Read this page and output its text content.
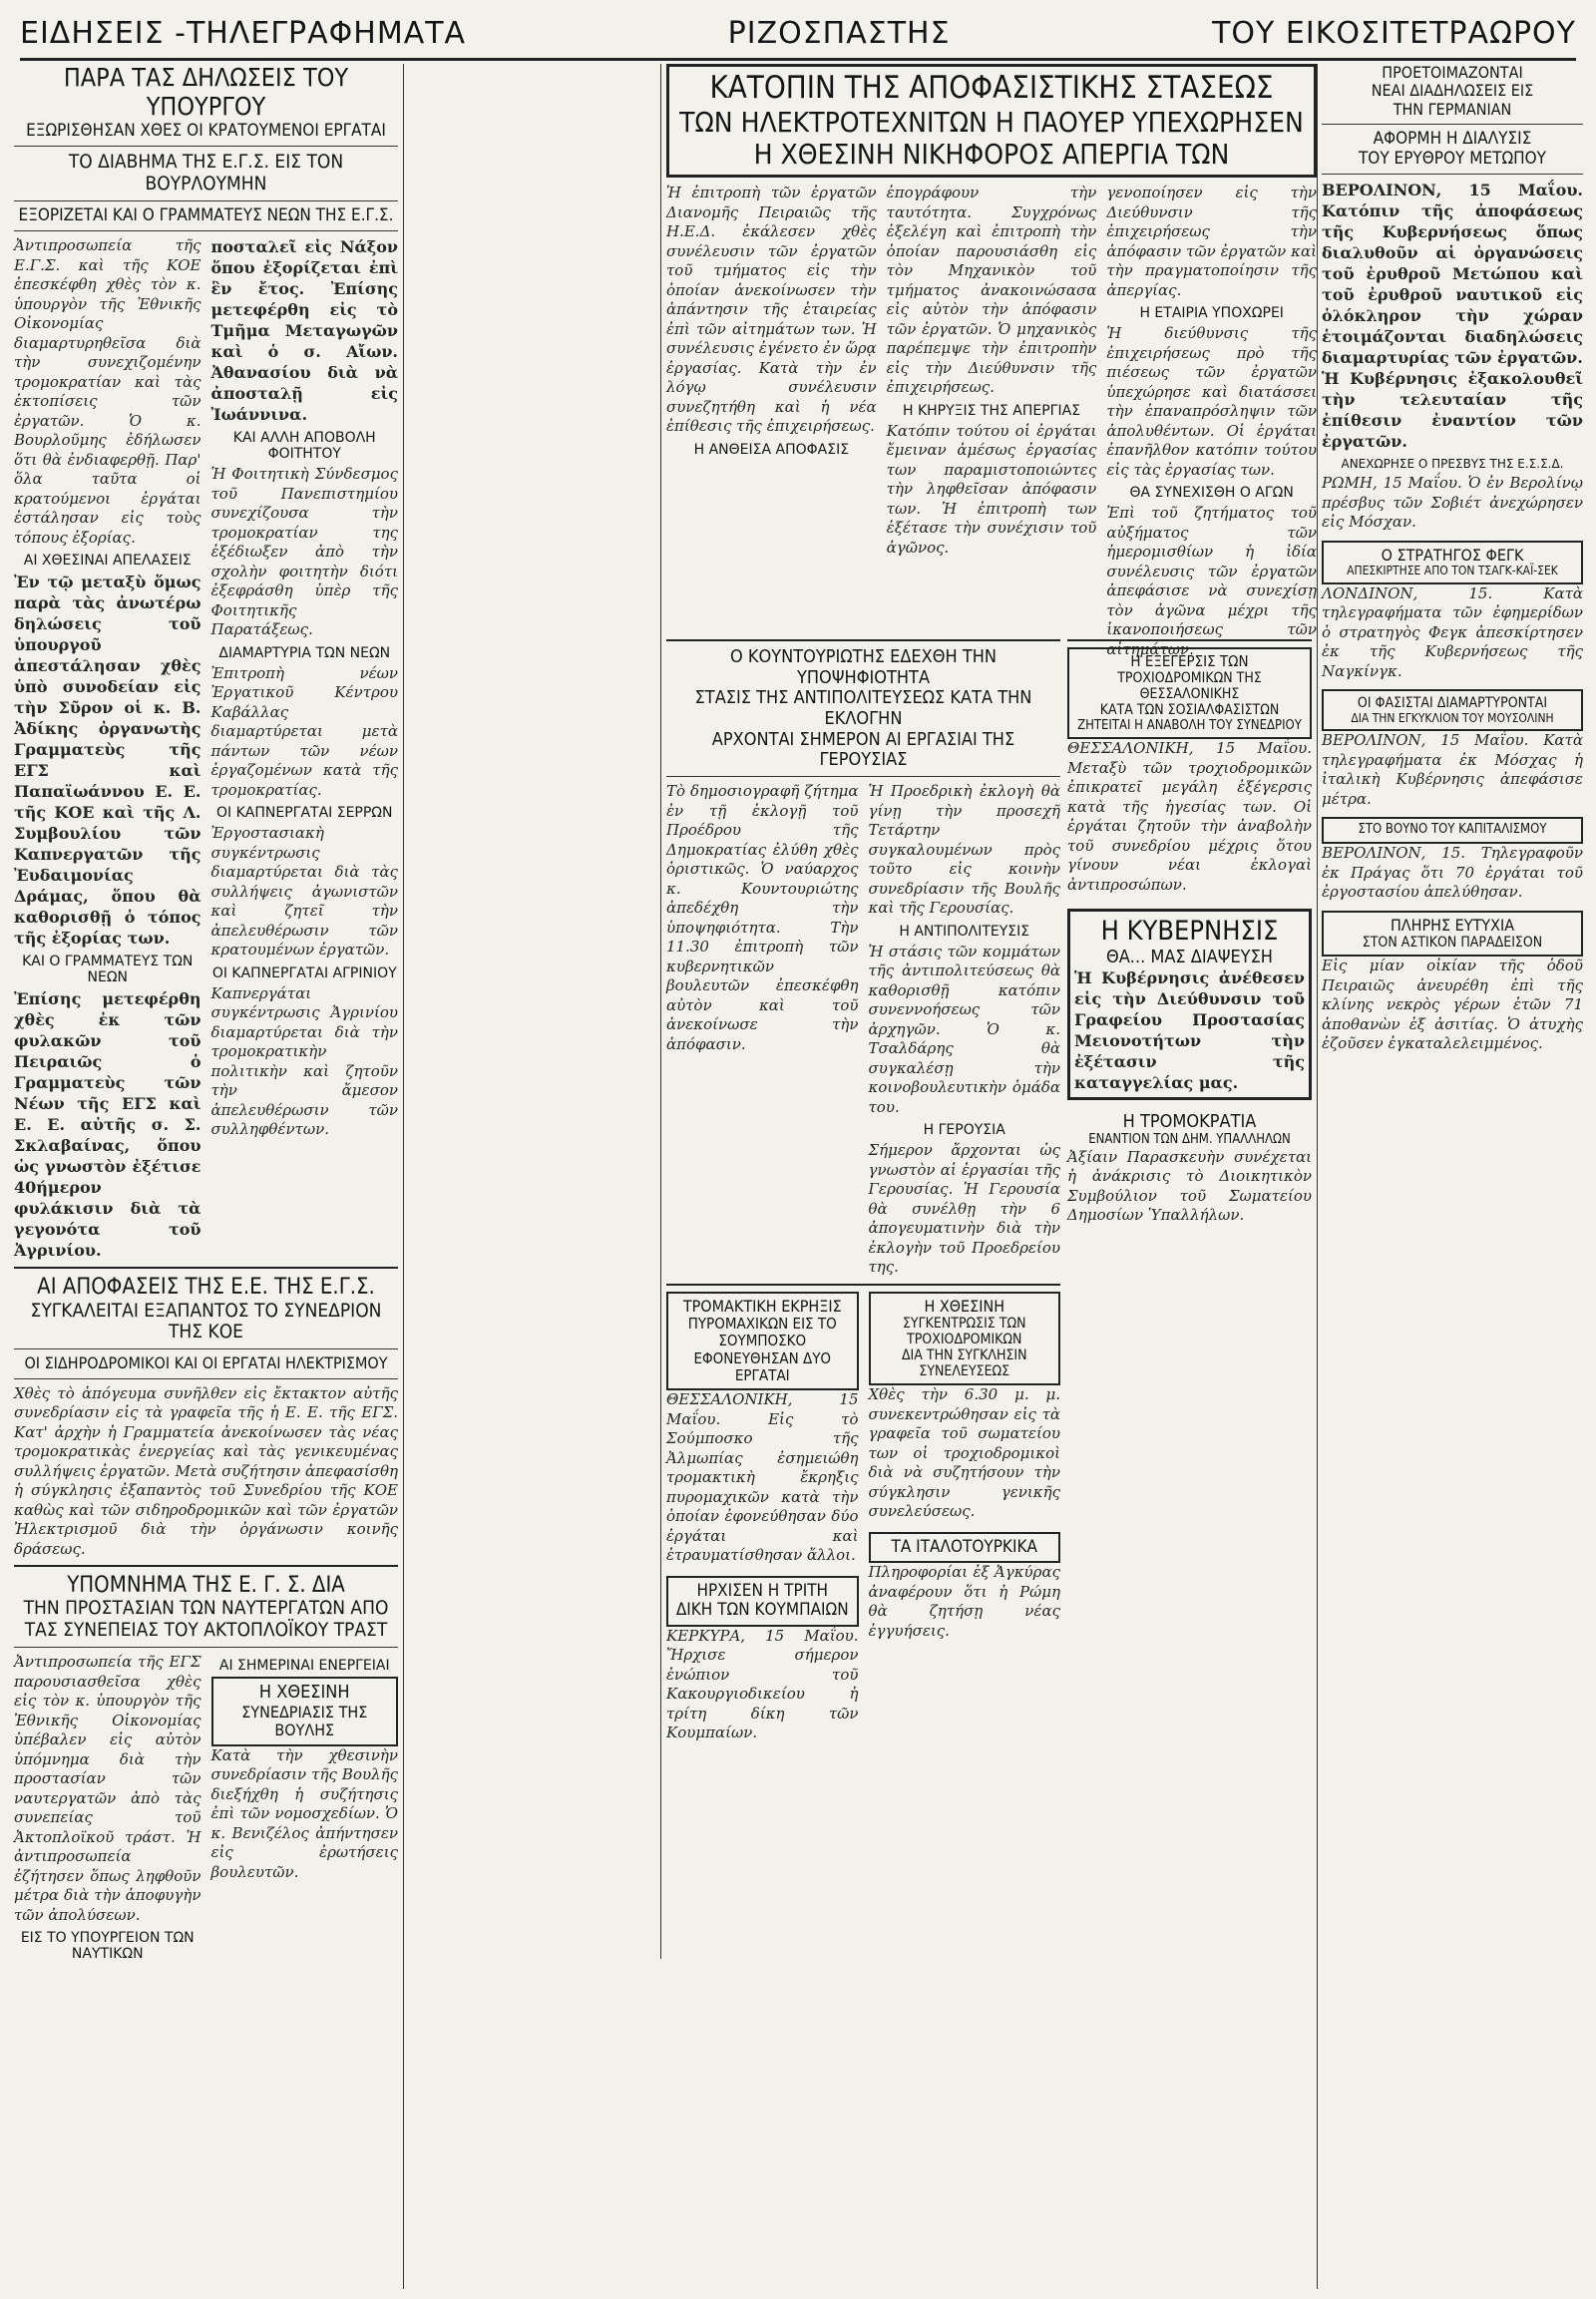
ΕΙΔΗΣΕΙΣ -ΤΗΛΕΓΡΑΦΗΜΑΤΑ	ΡΙΖΟΣΠΑΣΤΗΣ	ΤΟΥ ΕΙΚΟΣΙΤΕΤΡΑΩΡΟΥ
ΠΑΡΑ ΤΑΣ ΔΗΛΩΣΕΙΣ ΤΟΥ ΥΠΟΥΡΓΟΥ
ΕΞΩΡΙΣΘΗΣΑΝ ΧΘΕΣ ΟΙ ΚΡΑΤΟΥΜΕΝΟΙ ΕΡΓΑΤΑΙ
ΤΟ ΔΙΑΒΗΜΑ ΤΗΣ Ε.Γ.Σ. ΕΙΣ ΤΟΝ ΒΟΥΡΛΟΥΜΗΝ
ΕΞΟΡΙΖΕΤΑΙ ΚΑΙ Ο ΓΡΑΜΜΑΤΕΥΣ ΝΕΩΝ ΤΗΣ Ε.Γ.Σ.

Ἀντιπροσωπεία τῆς Ε.Γ.Σ. καὶ τῆς ΚΟΕ ἐπεσκέφθη χθὲς τὸν κ. ὑπουργὸν τῆς Ἐθνικῆς Οἰκονομίας διαμαρτυρηθεῖσα διὰ τὴν συνεχιζομένην τρομοκρατίαν καὶ τὰς ἐκτοπίσεις τῶν ἐργατῶν. Ὁ κ. Βουρλοῦμης ἐδήλωσεν ὅτι θὰ ἐνδιαφερθῇ. Παρ' ὅλα ταῦτα οἱ κρατούμενοι ἐργάται ἐστάλησαν εἰς τοὺς τόπους ἐξορίας.

ΑΙ ΧΘΕΣΙΝΑΙ ΑΠΕΛΑΣΕΙΣ

Ἐν τῷ μεταξὺ ὅμως παρὰ τὰς ἀνωτέρω δηλώσεις τοῦ ὑπουργοῦ ἀπεστάλησαν χθὲς ὑπὸ συνοδείαν εἰς τὴν Σῦρον οἱ κ. Β. Ἀδίκης ὀργανωτὴς Γραμματεὺς τῆς ΕΓΣ καὶ Παπαϊωάννου Ε. Ε. τῆς ΚΟΕ καὶ τῆς Λ. Συμβουλίου τῶν Καπνεργατῶν τῆς Ἐυδαιμονίας Δράμας, ὅπου θὰ καθορισθῇ ὁ τόπος τῆς ἐξορίας των.

ΚΑΙ Ο ΓΡΑΜΜΑΤΕΥΣ ΤΩΝ ΝΕΩΝ

Ἐπίσης μετεφέρθη χθὲς ἐκ τῶν φυλακῶν τοῦ Πειραιῶς ὁ Γραμματεὺς τῶν Νέων τῆς ΕΓΣ καὶ Ε. Ε. αὐτῆς σ. Σ. Σκλαβαίνας, ὅπου ὡς γνωστὸν ἐξέτισε 40ήμερον φυλάκισιν διὰ τὰ γεγονότα τοῦ Ἀγρινίου.

ποσταλεῖ εἰς Νάξον ὅπου ἐξορίζεται ἐπὶ ἓν ἔτος. Ἐπίσης μετεφέρθη εἰς τὸ Τμῆμα Μεταγωγῶν καὶ ὁ σ. Αἴων. Ἀθανασίου διὰ νὰ ἀποσταλῇ εἰς Ἰωάννινα.

ΚΑΙ ΑΛΛΗ ΑΠΟΒΟΛΗ ΦΟΙΤΗΤΟΥ

Ἡ Φοιτητικὴ Σύνδεσμος τοῦ Πανεπιστημίου συνεχίζουσα τὴν τρομοκρατίαν της ἐξέδιωξεν ἀπὸ τὴν σχολὴν φοιτητὴν διότι ἐξεφράσθη ὑπὲρ τῆς Φοιτητικῆς Παρατάξεως.

ΔΙΑΜΑΡΤΥΡΙΑ ΤΩΝ ΝΕΩΝ

Ἐπιτροπὴ νέων Ἐργατικοῦ Κέντρου Καβάλλας διαμαρτύρεται μετὰ πάντων τῶν νέων ἐργαζομένων κατὰ τῆς τρομοκρατίας.

ΟΙ ΚΑΠΝΕΡΓΑΤΑΙ ΣΕΡΡΩΝ

Ἐργοστασιακὴ συγκέντρωσις διαμαρτύρεται διὰ τὰς συλλήψεις ἀγωνιστῶν καὶ ζητεῖ τὴν ἀπελευθέρωσιν τῶν κρατουμένων ἐργατῶν.

ΟΙ ΚΑΠΝΕΡΓΑΤΑΙ ΑΓΡΙΝΙΟΥ

Καπνεργάται συγκέντρωσις Ἀγρινίου διαμαρτύρεται διὰ τὴν τρομοκρατικὴν πολιτικὴν καὶ ζητοῦν τὴν ἄμεσον ἀπελευθέρωσιν τῶν συλληφθέντων.

ΑΙ ΑΠΟΦΑΣΕΙΣ ΤΗΣ Ε.Ε. ΤΗΣ Ε.Γ.Σ.
ΣΥΓΚΑΛΕΙΤΑΙ ΕΞΑΠΑΝΤΟΣ ΤΟ ΣΥΝΕΔΡΙΟΝ ΤΗΣ ΚΟΕ
ΟΙ ΣΙΔΗΡΟΔΡΟΜΙΚΟΙ ΚΑΙ ΟΙ ΕΡΓΑΤΑΙ ΗΛΕΚΤΡΙΣΜΟΥ

Χθὲς τὸ ἀπόγευμα συνῆλθεν εἰς ἔκτακτον αὐτῆς συνεδρίασιν εἰς τὰ γραφεῖα τῆς ἡ Ε. Ε. τῆς ΕΓΣ. Κατ' ἀρχὴν ἡ Γραμματεία ἀνεκοίνωσεν τὰς νέας τρομοκρατικὰς ἐνεργείας καὶ τὰς γενικευμένας συλλήψεις ἐργατῶν. Μετὰ συζήτησιν ἀπεφασίσθη ἡ σύγκλησις ἐξαπαντὸς τοῦ Συνεδρίου τῆς ΚΟΕ καθὼς καὶ τῶν σιδηροδρομικῶν καὶ τῶν ἐργατῶν Ἠλεκτρισμοῦ διὰ τὴν ὀργάνωσιν κοινῆς δράσεως.

ΥΠΟΜΝΗΜΑ ΤΗΣ Ε. Γ. Σ. ΔΙΑ
ΤΗΝ ΠΡΟΣΤΑΣΙΑΝ ΤΩΝ ΝΑΥΤΕΡΓΑΤΩΝ ΑΠΟ
ΤΑΣ ΣΥΝΕΠΕΙΑΣ ΤΟΥ ΑΚΤΟΠΛΟΪΚΟΥ ΤΡΑΣΤ

Ἀντιπροσωπεία τῆς ΕΓΣ παρουσιασθεῖσα χθὲς εἰς τὸν κ. ὑπουργὸν τῆς Ἐθνικῆς Οἰκονομίας ὑπέβαλεν εἰς αὐτὸν ὑπόμνημα διὰ τὴν προστασίαν τῶν ναυτεργατῶν ἀπὸ τὰς συνεπείας τοῦ Ἀκτοπλοϊκοῦ τράστ. Ἡ ἀντιπροσωπεία ἐζήτησεν ὅπως ληφθοῦν μέτρα διὰ τὴν ἀποφυγὴν τῶν ἀπολύσεων.

ΕΙΣ ΤΟ ΥΠΟΥΡΓΕΙΟΝ ΤΩΝ ΝΑΥΤΙΚΩΝ

ΑΙ ΣΗΜΕΡΙΝΑΙ ΕΝΕΡΓΕΙΑΙ

Η ΧΘΕΣΙΝΗ
ΣΥΝΕΔΡΙΑΣΙΣ ΤΗΣ ΒΟΥΛΗΣ

Κατὰ τὴν χθεσινὴν συνεδρίασιν τῆς Βουλῆς διεξήχθη ἡ συζήτησις ἐπὶ τῶν νομοσχεδίων. Ὁ κ. Βενιζέλος ἀπήντησεν εἰς ἐρωτήσεις βουλευτῶν.

ΚΑΤΟΠΙΝ ΤΗΣ ΑΠΟΦΑΣΙΣΤΙΚΗΣ ΣΤΑΣΕΩΣ
ΤΩΝ ΗΛΕΚΤΡΟΤΕΧΝΙΤΩΝ Η ΠΑΟΥΕΡ ΥΠΕΧΩΡΗΣΕΝ
Η ΧΘΕΣΙΝΗ ΝΙΚΗΦΟΡΟΣ ΑΠΕΡΓΙΑ ΤΩΝ

Ἡ ἐπιτροπὴ τῶν ἐργατῶν Διανομῆς Πειραιῶς τῆς Η.Ε.Δ. ἐκάλεσεν χθὲς συνέλευσιν τῶν ἐργατῶν τοῦ τμήματος εἰς τὴν ὁποίαν ἀνεκοίνωσεν τὴν ἀπάντησιν τῆς ἑταιρείας ἐπὶ τῶν αἰτημάτων των. Ἡ συνέλευσις ἐγένετο ἐν ὥρᾳ ἐργασίας. Κατὰ τὴν ἐν λόγῳ συνέλευσιν συνεζητήθη καὶ ἡ νέα ἐπίθεσις τῆς ἐπιχειρήσεως.

Η ΑΝΘΕΙΣΑ ΑΠΟΦΑΣΙΣ

ἐπογράφουν τὴν ταυτότητα. Συγχρόνως ἐξελέγη καὶ ἐπιτροπὴ τὴν ὁποίαν παρουσιάσθη εἰς τὸν Μηχανικὸν τοῦ τμήματος ἀνακοινώσασα εἰς αὐτὸν τὴν ἀπόφασιν τῶν ἐργατῶν. Ὁ μηχανικὸς παρέπεμψε τὴν ἐπιτροπὴν εἰς τὴν Διεύθυνσιν τῆς ἐπιχειρήσεως.

Η ΚΗΡΥΞΙΣ ΤΗΣ ΑΠΕΡΓΙΑΣ

Κατόπιν τούτου οἱ ἐργάται ἔμειναν ἀμέσως ἐργασίας των παραμιστοποιώντες τὴν ληφθεῖσαν ἀπόφασιν των. Ἡ ἐπιτροπὴ των ἐξέτασε τὴν συνέχισιν τοῦ ἀγῶνος.

γενοποίησεν εἰς τὴν Διεύθυνσιν τῆς ἐπιχειρήσεως τὴν ἀπόφασιν τῶν ἐργατῶν καὶ τὴν πραγματοποίησιν τῆς ἀπεργίας.

Η ΕΤΑΙΡΙΑ ΥΠΟΧΩΡΕΙ

Ἡ διεύθυνσις τῆς ἐπιχειρήσεως πρὸ τῆς πιέσεως τῶν ἐργατῶν ὑπεχώρησε καὶ διατάσσει τὴν ἐπαναπρόσληψιν τῶν ἀπολυθέντων. Οἱ ἐργάται ἐπανῆλθον κατόπιν τούτου εἰς τὰς ἐργασίας των.

ΘΑ ΣΥΝΕΧΙΣΘΗ Ο ΑΓΩΝ

Ἐπὶ τοῦ ζητήματος τοῦ αὐξήματος τῶν ἡμερομισθίων ἡ ἰδία συνέλευσις τῶν ἐργατῶν ἀπεφάσισε νὰ συνεχίσῃ τὸν ἀγῶνα μέχρι τῆς ἱκανοποιήσεως τῶν αἰτημάτων.

Ο ΚΟΥΝΤΟΥΡΙΩΤΗΣ ΕΔΕΧΘΗ ΤΗΝ ΥΠΟΨΗΦΙΟΤΗΤΑ
ΣΤΑΣΙΣ ΤΗΣ ΑΝΤΙΠΟΛΙΤΕΥΣΕΩΣ ΚΑΤΑ ΤΗΝ ΕΚΛΟΓΗΝ
ΑΡΧΟΝΤΑΙ ΣΗΜΕΡΟΝ ΑΙ ΕΡΓΑΣΙΑΙ ΤΗΣ ΓΕΡΟΥΣΙΑΣ

Τὸ δημοσιογραφῆ ζήτημα ἐν τῇ ἐκλογῇ τοῦ Προέδρου τῆς Δημοκρατίας ἐλύθη χθὲς ὁριστικῶς. Ὁ ναύαρχος κ. Κουντουριώτης ἀπεδέχθη τὴν ὑποψηφιότητα. Τὴν 11.30 ἐπιτροπὴ τῶν κυβερνητικῶν βουλευτῶν ἐπεσκέφθη αὐτὸν καὶ τοῦ ἀνεκοίνωσε τὴν ἀπόφασιν.

Ἡ Προεδρικὴ ἐκλογὴ θὰ γίνῃ τὴν προσεχῆ Τετάρτην συγκαλουμένων πρὸς τοῦτο εἰς κοινὴν συνεδρίασιν τῆς Βουλῆς καὶ τῆς Γερουσίας.

Η ΑΝΤΙΠΟΛΙΤΕΥΣΙΣ

Ἡ στάσις τῶν κομμάτων τῆς ἀντιπολιτεύσεως θὰ καθορισθῇ κατόπιν συνεννοήσεως τῶν ἀρχηγῶν. Ὁ κ. Τσαλδάρης θὰ συγκαλέσῃ τὴν κοινοβουλευτικὴν ὁμάδα του.

Η ΓΕΡΟΥΣΙΑ

Σήμερον ἄρχονται ὡς γνωστὸν αἱ ἐργασίαι τῆς Γερουσίας. Ἡ Γερουσία θὰ συνέλθῃ τὴν 6 ἀπογευματινὴν διὰ τὴν ἐκλογὴν τοῦ Προεδρείου της.

ΤΡΟΜΑΚΤΙΚΗ ΕΚΡΗΞΙΣ
ΠΥΡΟΜΑΧΙΚΩΝ ΕΙΣ ΤΟ ΣΟΥΜΠΟΣΚΟ
ΕΦΟΝΕΥΘΗΣΑΝ ΔΥΟ ΕΡΓΑΤΑΙ

ΘΕΣΣΑΛΟΝΙΚΗ, 15 Μαΐου. Εἰς τὸ Σούμποσκο τῆς Ἀλμωπίας ἐσημειώθη τρομακτικὴ ἔκρηξις πυρομαχικῶν κατὰ τὴν ὁποίαν ἐφονεύθησαν δύο ἐργάται καὶ ἐτραυματίσθησαν ἄλλοι.

ΗΡΧΙΣΕΝ Η ΤΡΙΤΗ
ΔΙΚΗ ΤΩΝ ΚΟΥΜΠΑΙΩΝ

ΚΕΡΚΥΡΑ, 15 Μαΐου. Ἤρχισε σήμερον ἐνώπιον τοῦ Κακουργιοδικείου ἡ τρίτη δίκη τῶν Κουμπαίων.

Η ΧΘΕΣΙΝΗ
ΣΥΓΚΕΝΤΡΩΣΙΣ ΤΩΝ ΤΡΟΧΙΟΔΡΟΜΙΚΩΝ
ΔΙΑ ΤΗΝ ΣΥΓΚΛΗΣΙΝ ΣΥΝΕΛΕΥΣΕΩΣ

Χθὲς τὴν 6.30 μ. μ. συνεκεντρώθησαν εἰς τὰ γραφεῖα τοῦ σωματείου των οἱ τροχιοδρομικοὶ διὰ νὰ συζητήσουν τὴν σύγκλησιν γενικῆς συνελεύσεως.

ΤΑ ΙΤΑΛΟΤΟΥΡΚΙΚΑ

Πληροφορίαι ἐξ Ἀγκύρας ἀναφέρουν ὅτι ἡ Ρώμη θὰ ζητήσῃ νέας ἐγγυήσεις.

Η ΕΞΕΓΕΡΣΙΣ ΤΩΝ
ΤΡΟΧΙΟΔΡΟΜΙΚΩΝ ΤΗΣ ΘΕΣΣΑΛΟΝΙΚΗΣ
ΚΑΤΑ ΤΩΝ ΣΟΣΙΑΛΦΑΣΙΣΤΩΝ
ΖΗΤΕΙΤΑΙ Η ΑΝΑΒΟΛΗ ΤΟΥ ΣΥΝΕΔΡΙΟΥ

ΘΕΣΣΑΛΟΝΙΚΗ, 15 Μαΐου. Μεταξὺ τῶν τροχιοδρομικῶν ἐπικρατεῖ μεγάλη ἐξέγερσις κατὰ τῆς ἡγεσίας των. Οἱ ἐργάται ζητοῦν τὴν ἀναβολὴν τοῦ συνεδρίου μέχρις ὅτου γίνουν νέαι ἐκλογαὶ ἀντιπροσώπων.

Η ΚΥΒΕΡΝΗΣΙΣ
ΘΑ... ΜΑΣ ΔΙΑΨΕΥΣΗ

Ἡ Κυβέρνησις ἀνέθεσεν εἰς τὴν Διεύθυνσιν τοῦ Γραφείου Προστασίας Μειονοτήτων τὴν ἐξέτασιν τῆς καταγγελίας μας.

Η ΤΡΟΜΟΚΡΑΤΙΑ
ΕΝΑΝΤΙΟΝ ΤΩΝ ΔΗΜ. ΥΠΑΛΛΗΛΩΝ

Ἀξίαιν Παρασκευὴν συνέχεται ἡ ἀνάκρισις τὸ Διοικητικὸν Συμβούλιον τοῦ Σωματείου Δημοσίων Ὑπαλλήλων.

ΠΡΟΕΤΟΙΜΑΖΟΝΤΑΙ
ΝΕΑΙ ΔΙΑΔΗΛΩΣΕΙΣ ΕΙΣ
ΤΗΝ ΓΕΡΜΑΝΙΑΝ
ΑΦΟΡΜΗ Η ΔΙΑΛΥΣΙΣ
ΤΟΥ ΕΡΥΘΡΟΥ ΜΕΤΩΠΟΥ

ΒΕΡΟΛΙΝΟΝ, 15 Μαΐου. Κατόπιν τῆς ἀποφάσεως τῆς Κυβερνήσεως ὅπως διαλυθοῦν αἱ ὀργανώσεις τοῦ ἐρυθροῦ Μετώπου καὶ τοῦ ἐρυθροῦ ναυτικοῦ εἰς ὁλόκληρον τὴν χώραν ἑτοιμάζονται διαδηλώσεις διαμαρτυρίας τῶν ἐργατῶν.

Ἡ Κυβέρνησις ἐξακολουθεῖ τὴν τελευταίαν τῆς ἐπίθεσιν ἐναντίον τῶν ἐργατῶν.

ΑΝΕΧΩΡΗΣΕ Ο ΠΡΕΣΒΥΣ ΤΗΣ Ε.Σ.Σ.Δ.

ΡΩΜΗ, 15 Μαΐου. Ὁ ἐν Βερολίνῳ πρέσβυς τῶν Σοβιέτ ἀνεχώρησεν εἰς Μόσχαν.

Ο ΣΤΡΑΤΗΓΟΣ ΦΕΓΚ
ΑΠΕΣΚΙΡΤΗΣΕ ΑΠΟ ΤΟΝ ΤΣΑΓΚ-ΚΑΪ-ΣΕΚ

ΛΟΝΔΙΝΟΝ, 15. Κατὰ τηλεγραφήματα τῶν ἐφημερίδων ὁ στρατηγὸς Φεγκ ἀπεσκίρτησεν ἐκ τῆς Κυβερνήσεως τῆς Ναγκίνγκ.

ΟΙ ΦΑΣΙΣΤΑΙ ΔΙΑΜΑΡΤΥΡΟΝΤΑΙ
ΔΙΑ ΤΗΝ ΕΓΚΥΚΛΙΟΝ ΤΟΥ ΜΟΥΣΟΛΙΝΗ

ΒΕΡΟΛΙΝΟΝ, 15 Μαΐου. Κατὰ τηλεγραφήματα ἐκ Μόσχας ἡ ἰταλικὴ Κυβέρνησις ἀπεφάσισε μέτρα.

ΣΤΟ ΒΟΥΝΟ ΤΟΥ ΚΑΠΙΤΑΛΙΣΜΟΥ

ΒΕΡΟΛΙΝΟΝ, 15. Τηλεγραφοῦν ἐκ Πράγας ὅτι 70 ἐργάται τοῦ ἐργοστασίου ἀπελύθησαν.

ΠΛΗΡΗΣ ΕΥΤΥΧΙΑ
ΣΤΟΝ ΑΣΤΙΚΟΝ ΠΑΡΑΔΕΙΣΟΝ

Εἰς μίαν οἰκίαν τῆς ὁδοῦ Πειραιῶς ἀνευρέθη ἐπὶ τῆς κλίνης νεκρὸς γέρων ἐτῶν 71 ἀποθανὼν ἐξ ἀσιτίας. Ὁ ἀτυχὴς ἐζοῦσεν ἐγκαταλελειμμένος.
